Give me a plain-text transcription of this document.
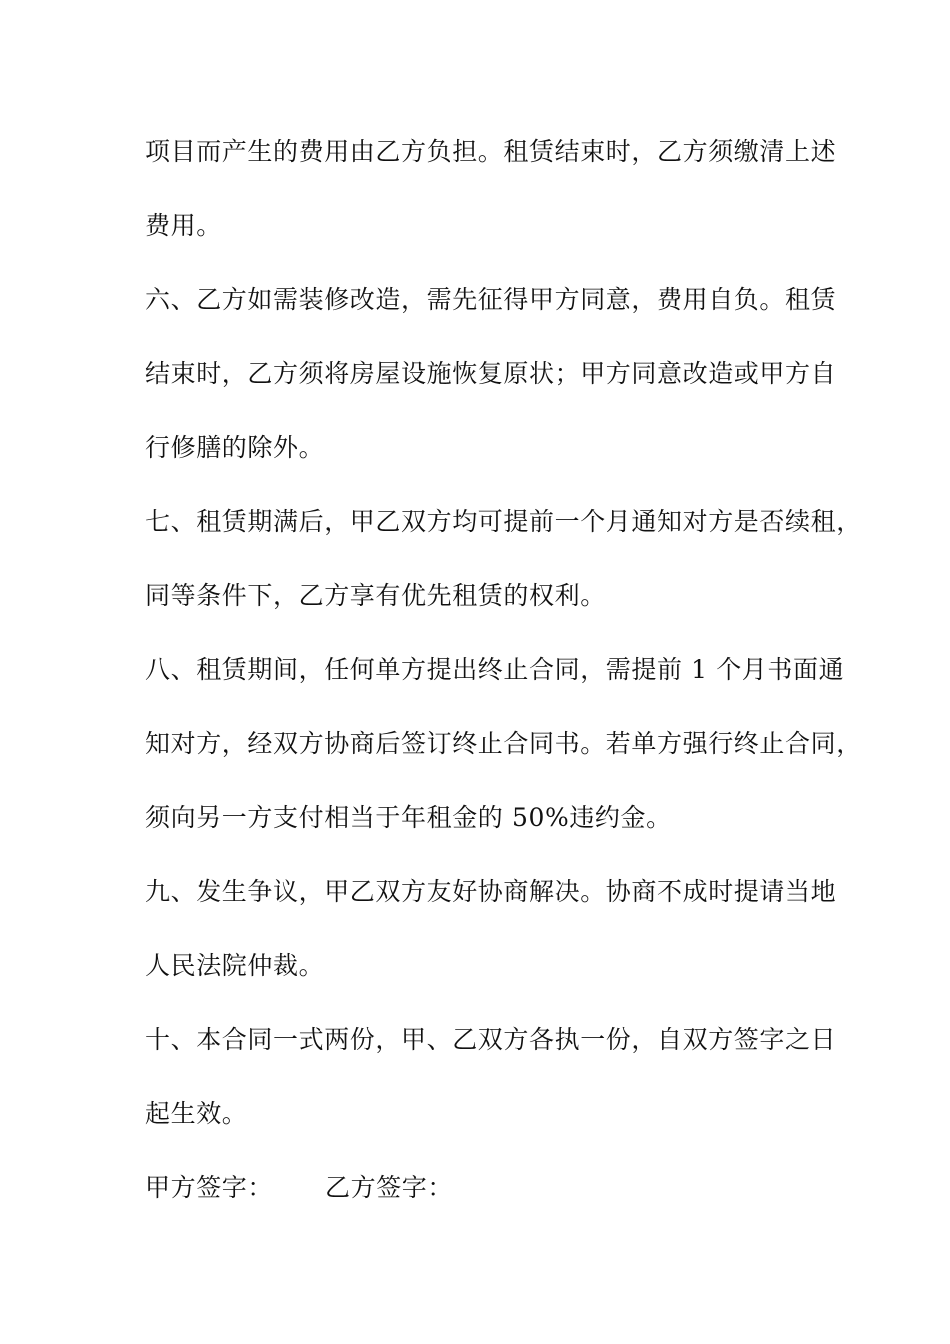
项目而产生的费用由乙方负担。租赁结束时，乙方须缴清上述
费用。
六、乙方如需装修改造，需先征得甲方同意，费用自负。租赁
结束时，乙方须将房屋设施恢复原状；甲方同意改造或甲方自
行修膳的除外。
七、租赁期满后，甲乙双方均可提前一个月通知对方是否续租，
同等条件下，乙方享有优先租赁的权利。
八、租赁期间，任何单方提出终止合同，需提前 1 个月书面通
知对方，经双方协商后签订终止合同书。若单方强行终止合同，
须向另一方支付相当于年租金的 50%违约金。
九、发生争议，甲乙双方友好协商解决。协商不成时提请当地
人民法院仲裁。
十、本合同一式两份，甲、乙双方各执一份，自双方签字之日
起生效。
甲方签字： 乙方签字：
